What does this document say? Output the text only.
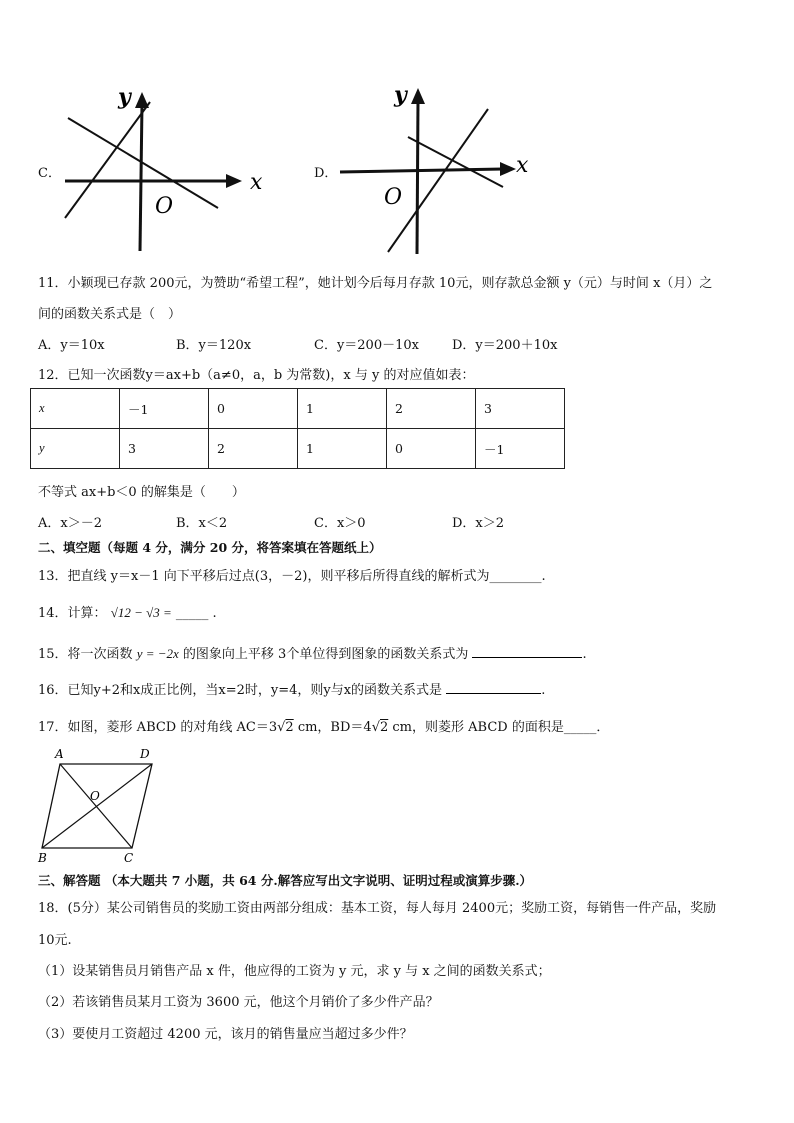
C．
y
x
O
D．
y
x
O
11．小颖现已存款 200元，为赞助“希望工程”，她计划今后每月存款 10元，则存款总金额 y（元）与时间 x（月）之
间的函数关系式是（　）
A．y＝10x	B．y＝120x	C．y＝200－10x	D．y＝200＋10x
12．已知一次函数y＝ax+b（a≠0，a，b 为常数)，x 与 y 的对应值如表：
x	－1	0	1	2	3
y	3	2	1	0	－1
不等式 ax+b＜0 的解集是（　　）
A．x＞－2	B．x＜2	C．x＞0	D．x＞2
二、填空题（每题 4 分，满分 20 分，将答案填在答题纸上）
13．把直线 y＝x－1 向下平移后过点(3，－2)，则平移后所得直线的解析式为________.
14．计算： √12 − √3 = _____ .
15．将一次函数 y = −2x 的图象向上平移 3个单位得到图象的函数关系式为	.
16．已知y+2和x成正比例，当x=2时，y=4，则y与x的函数关系式是	.
17．如图，菱形 ABCD 的对角线 AC＝3√2 cm，BD＝4√2 cm，则菱形 ABCD 的面积是_____．
A	D
B	C
O
三、解答题 （本大题共 7 小题，共 64 分.解答应写出文字说明、证明过程或演算步骤.）
18．(5分）某公司销售员的奖励工资由两部分组成：基本工资，每人每月 2400元；奖励工资，每销售一件产品，奖励
10元.
（1）设某销售员月销售产品 x 件，他应得的工资为 y 元，求 y 与 x 之间的函数关系式；
（2）若该销售员某月工资为 3600 元，他这个月销价了多少件产品？
（3）要使月工资超过 4200 元，该月的销售量应当超过多少件？
